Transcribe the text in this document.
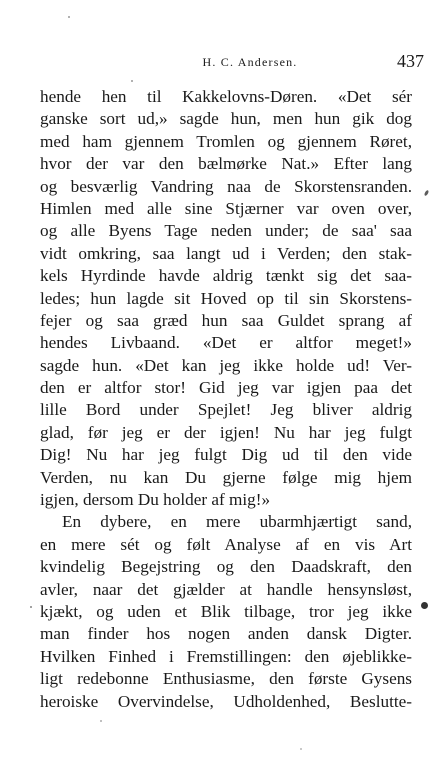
H. C. Andersen.	437
hende hen til Kakkelovns-Døren. «Det sér
ganske sort ud,» sagde hun, men hun gik dog
med ham gjennem Tromlen og gjennem Røret,
hvor der var den bælmørke Nat.» Efter lang
og besværlig Vandring naa de Skorstensranden.
Himlen med alle sine Stjærner var oven over,
og alle Byens Tage neden under; de saa' saa
vidt omkring, saa langt ud i Verden; den stak-
kels Hyrdinde havde aldrig tænkt sig det saa-
ledes; hun lagde sit Hoved op til sin Skorstens-
fejer og saa græd hun saa Guldet sprang af
hendes Livbaand. «Det er altfor meget!»
sagde hun. «Det kan jeg ikke holde ud! Ver-
den er altfor stor! Gid jeg var igjen paa det
lille Bord under Spejlet! Jeg bliver aldrig
glad, før jeg er der igjen! Nu har jeg fulgt
Dig! Nu har jeg fulgt Dig ud til den vide
Verden, nu kan Du gjerne følge mig hjem
igjen, dersom Du holder af mig!»
En dybere, en mere ubarmhjærtigt sand,
en mere sét og følt Analyse af en vis Art
kvindelig Begejstring og den Daadskraft, den
avler, naar det gjælder at handle hensynsløst,
kjækt, og uden et Blik tilbage, tror jeg ikke
man finder hos nogen anden dansk Digter.
Hvilken Finhed i Fremstillingen: den øjeblikke-
ligt redebonne Enthusiasme, den første Gysens
heroiske Overvindelse, Udholdenhed, Beslutte-
